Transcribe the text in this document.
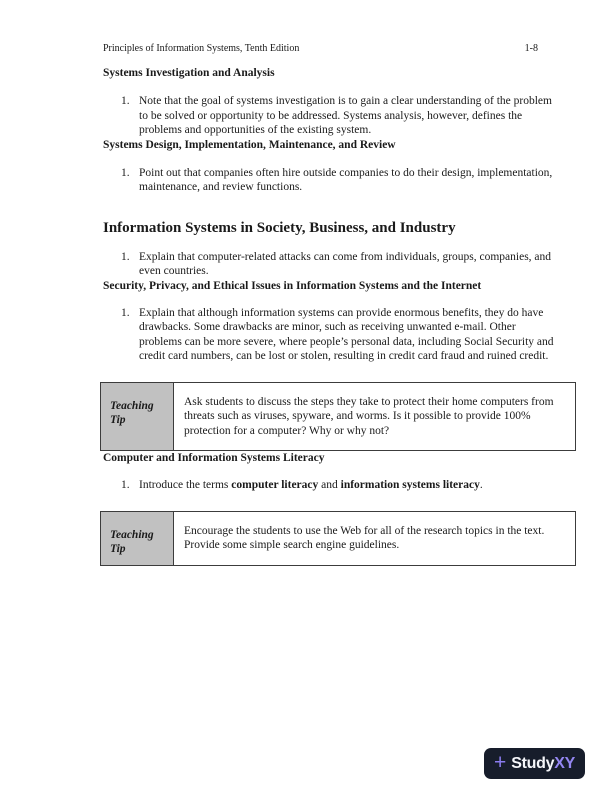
Principles of Information Systems, Tenth Edition	1-8
Systems Investigation and Analysis
1. Note that the goal of systems investigation is to gain a clear understanding of the problem to be solved or opportunity to be addressed. Systems analysis, however, defines the problems and opportunities of the existing system.

Systems Design, Implementation, Maintenance, and Review
1. Point out that companies often hire outside companies to do their design, implementation, maintenance, and review functions.

Information Systems in Society, Business, and Industry
1. Explain that computer-related attacks can come from individuals, groups, companies, and even countries.

Security, Privacy, and Ethical Issues in Information Systems and the Internet
1. Explain that although information systems can provide enormous benefits, they do have drawbacks. Some drawbacks are minor, such as receiving unwanted e-mail. Other problems can be more severe, where people’s personal data, including Social Security and credit card numbers, can be lost or stolen, resulting in credit card fraud and ruined credit.

Teaching Tip
Ask students to discuss the steps they take to protect their home computers from threats such as viruses, spyware, and worms. Is it possible to provide 100% protection for a computer? Why or why not?
Computer and Information Systems Literacy
1. Introduce the terms computer literacy and information systems literacy.

Teaching Tip
Encourage the students to use the Web for all of the research topics in the text. Provide some simple search engine guidelines.
+ StudyXY
